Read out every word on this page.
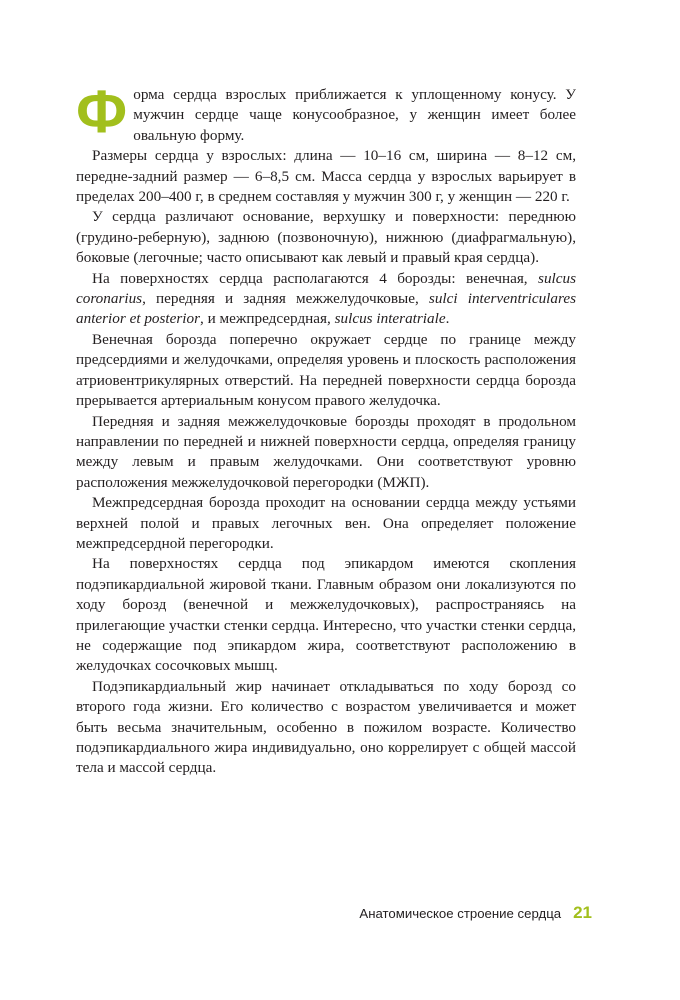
Ф орма сердца взрослых приближается к уплощенному конусу. У мужчин сердце чаще конусообразное, у женщин имеет более овальную форму.

Размеры сердца у взрослых: длина — 10–16 см, ширина — 8–12 см, передне-задний размер — 6–8,5 см. Масса сердца у взрослых варьирует в пределах 200–400 г, в среднем составляя у мужчин 300 г, у женщин — 220 г.

У сердца различают основание, верхушку и поверхности: переднюю (грудино-реберную), заднюю (позвоночную), нижнюю (диафрагмальную), боковые (легочные; часто описывают как левый и правый края сердца).

На поверхностях сердца располагаются 4 борозды: венечная, sulcus coronarius, передняя и задняя межжелудочковые, sulci interventriculares anterior et posterior, и межпредсердная, sulcus interatriale.

Венечная борозда поперечно окружает сердце по границе между предсердиями и желудочками, определяя уровень и плоскость расположения атриовентрикулярных отверстий. На передней поверхности сердца борозда прерывается артериальным конусом правого желудочка.

Передняя и задняя межжелудочковые борозды проходят в продольном направлении по передней и нижней поверхности сердца, определяя границу между левым и правым желудочками. Они соответствуют уровню расположения межжелудочковой перегородки (МЖП).

Межпредсердная борозда проходит на основании сердца между устьями верхней полой и правых легочных вен. Она определяет положение межпредсердной перегородки.

На поверхностях сердца под эпикардом имеются скопления подэпикардиальной жировой ткани. Главным образом они локализуются по ходу борозд (венечной и межжелудочковых), распространяясь на прилегающие участки стенки сердца. Интересно, что участки стенки сердца, не содержащие под эпикардом жира, соответствуют расположению в желудочках сосочковых мышц.

Подэпикардиальный жир начинает откладываться по ходу борозд со второго года жизни. Его количество с возрастом увеличивается и может быть весьма значительным, особенно в пожилом возрасте. Количество подэпикардиального жира индивидуально, оно коррелирует с общей массой тела и массой сердца.

Анатомическое строение сердца 21
